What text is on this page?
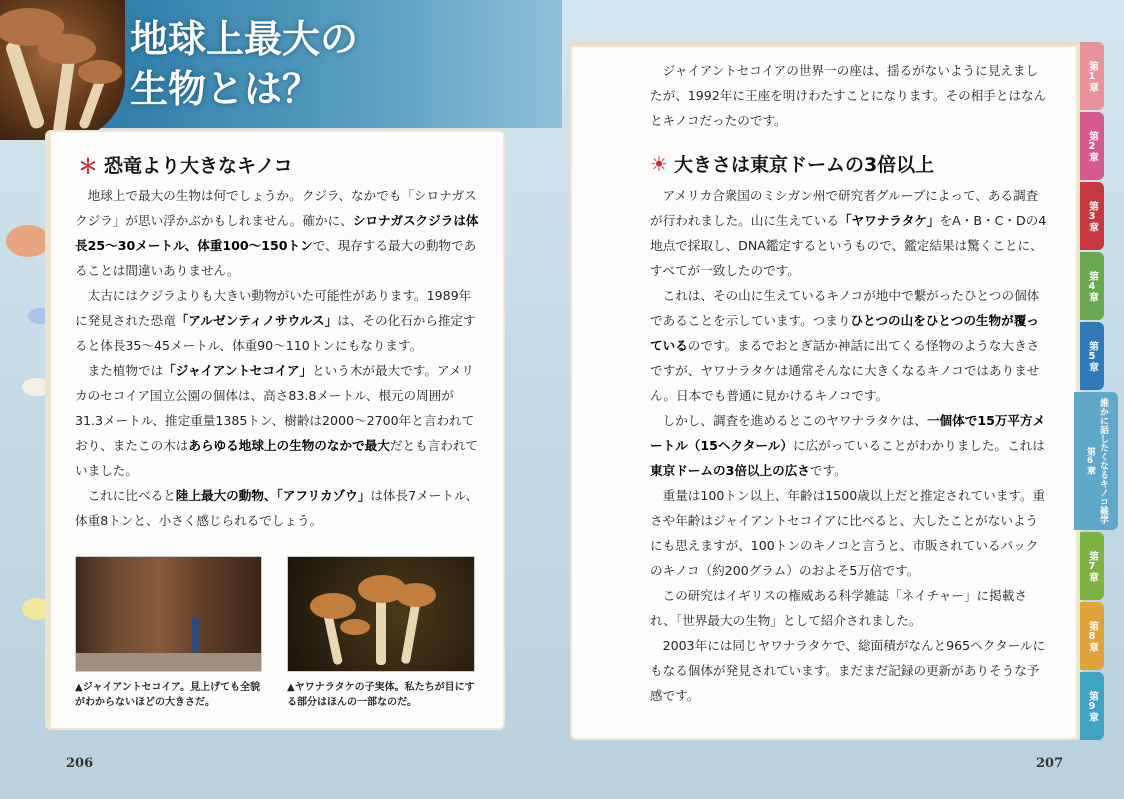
地球上最大の
生物とは？
＊ 恐竜より大きなキノコ

地球上で最大の生物は何でしょうか。クジラ、なかでも「シロナガスクジラ」が思い浮かぶかもしれません。確かに、シロナガスクジラは体長25～30メートル、体重100～150トンで、現存する最大の動物であることは間違いありません。

太古にはクジラよりも大きい動物がいた可能性があります。1989年に発見された恐竜「アルゼンティノサウルス」は、その化石から推定すると体長35～45メートル、体重90～110トンにもなります。

また植物では「ジャイアントセコイア」という木が最大です。アメリカのセコイア国立公園の個体は、高さ83.8メートル、根元の周囲が31.3メートル、推定重量1385トン、樹齢は2000～2700年と言われており、またこの木はあらゆる地球上の生物のなかで最大だとも言われていました。

これに比べると陸上最大の動物、「アフリカゾウ」は体長7メートル、体重8トンと、小さく感じられるでしょう。

▲ジャイアントセコイア。見上げても全貌がわからないほどの大きさだ。
▲ヤワナラタケの子実体。私たちが目にする部分はほんの一部なのだ。
206

ジャイアントセコイアの世界一の座は、揺るがないように見えましたが、1992年に王座を明けわたすことになります。その相手とはなんとキノコだったのです。

☀ 大きさは東京ドームの3倍以上

アメリカ合衆国のミシガン州で研究者グループによって、ある調査が行われました。山に生えている「ヤワナラタケ」をA・B・C・Dの4地点で採取し、DNA鑑定するというもので、鑑定結果は驚くことに、すべてが一致したのです。

これは、その山に生えているキノコが地中で繋がったひとつの個体であることを示しています。つまりひとつの山をひとつの生物が覆っているのです。まるでおとぎ話か神話に出てくる怪物のような大きさですが、ヤワナラタケは通常そんなに大きくなるキノコではありません。日本でも普通に見かけるキノコです。

しかし、調査を進めるとこのヤワナラタケは、一個体で15万平方メートル（15ヘクタール）に広がっていることがわかりました。これは東京ドームの3倍以上の広さです。

重量は100トン以上、年齢は1500歳以上だと推定されています。重さや年齢はジャイアントセコイアに比べると、大したことがないようにも思えますが、100トンのキノコと言うと、市販されているパックのキノコ（約200グラム）のおよそ5万倍です。

この研究はイギリスの権威ある科学雑誌「ネイチャー」に掲載され、「世界最大の生物」として紹介されました。

2003年には同じヤワナラタケで、総面積がなんと965ヘクタールにもなる個体が発見されています。まだまだ記録の更新がありそうな予感です。

207
第1章
第2章
第3章
第4章
第5章
第6章 誰かに話したくなるキノコ雑学
第7章
第8章
第9章
